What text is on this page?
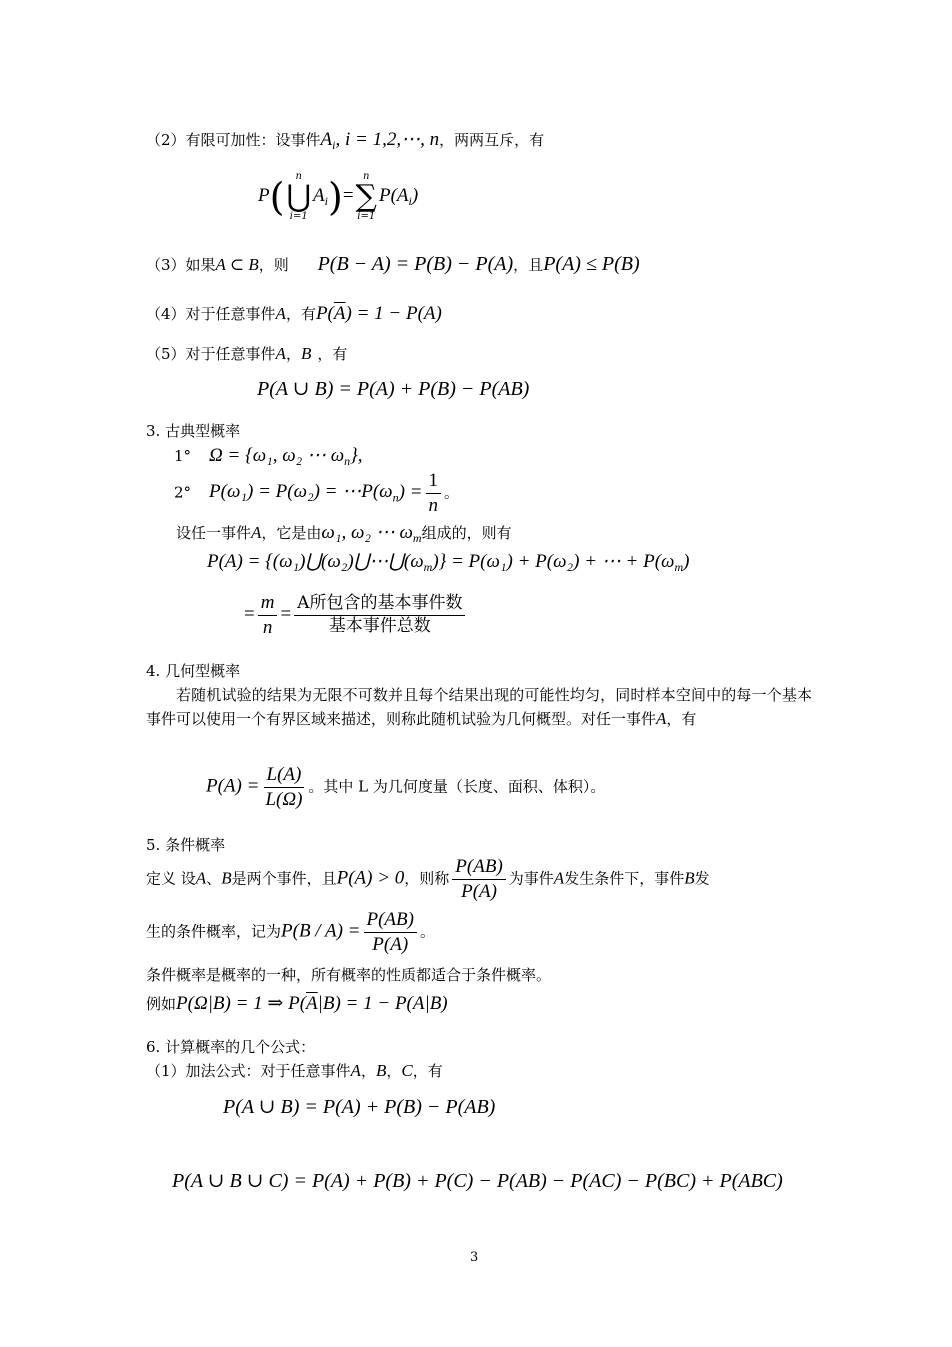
（2）有限可加性：设事件$A_i$, i = 1,2,⋯, n，两两互斥，有
P( n
⋃
i=1
$A_i)=$
n
∑
i=1
$P(A_i)$
（3）如果A ⊂ B，则 P(B − A) = P(B) − P(A)，且P(A) ≤ P(B)
（4）对于任意事件A，有$P(\overline{A}) = 1 - P(A)$
（5）对于任意事件A，B ，有
P(A ∪ B) = P(A) + P(B) − P(AB)
3. 古典型概率
1° Ω = {ω₁, ω₂ ⋯ $\omega_n$},
2° $P(\omega_1) = P(\omega_2) = \cdots P(\omega_n) = \frac{1}{n}$ 。
设任一事件A，它是由ω₁, ω₂ ⋯ $\omega_m$组成的，则有
$P(A) = \{(\omega_1)⋃(\omega_2)⋃\cdots⋃(\omega_m)\} = P(\omega_1) + P(\omega_2)$ + ⋯ + $P(\omega_m)$
= $\frac{m}{n} = \frac{\text{A所包含的基本事件数}}{\text{基本事件总数}}$
4. 几何型概率
若随机试验的结果为无限不可数并且每个结果出现的可能性均匀，同时样本空间中的每一个基本事件可以使用一个有界区域来描述，则称此随机试验为几何概型。对任一事件A，有
$P(A) = \frac{L(A)}{L(\Omega)}$ 。其中 L 为几何度量（长度、面积、体积）。
5. 条件概率
定义 设A、B是两个事件，且P(A) > 0，则称 $\frac{P(AB)}{P(A)}$ 为事件A发生条件下，事件B发
生的条件概率，记为$P(B / A) = \frac{P(AB)}{P(A)}$ 。
条件概率是概率的一种，所有概率的性质都适合于条件概率。
例如P(Ω|B) = 1 ⇒ $P(\overline{A}|B) = 1 - P(A|B)$
6. 计算概率的几个公式：
（1）加法公式：对于任意事件A，B，C，有
P(A ∪ B) = P(A) + P(B) − P(AB)
P(A ∪ B ∪ C) = P(A) + P(B) + P(C) − P(AB) − P(AC) − P(BC) + P(ABC)
3
